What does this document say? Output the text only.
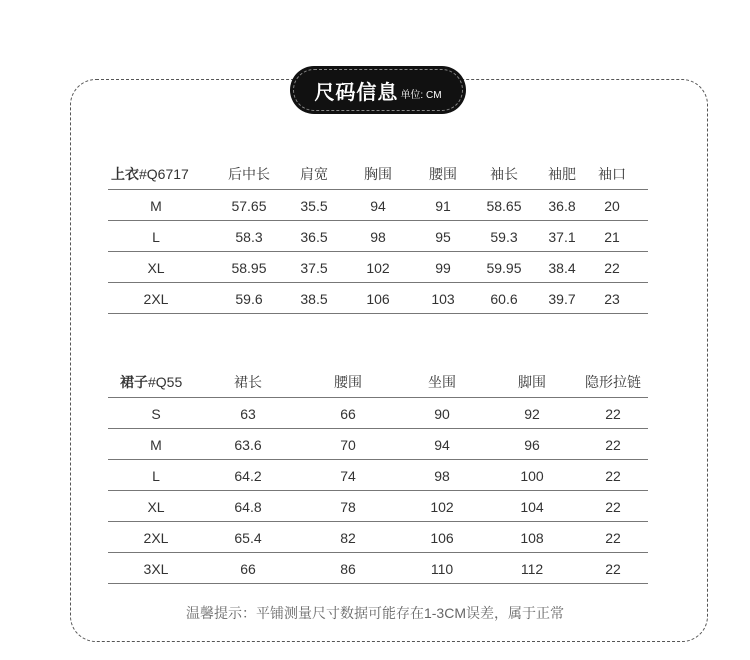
尺码信息 单位: CM
上衣#Q6717	后中长	肩宽	胸围	腰围	袖长	袖肥	袖口
M	57.65	35.5	94	91	58.65	36.8	20
L	58.3	36.5	98	95	59.3	37.1	21
XL	58.95	37.5	102	99	59.95	38.4	22
2XL	59.6	38.5	106	103	60.6	39.7	23
裙子#Q55	裙长	腰围	坐围	脚围	隐形拉链
S	63	66	90	92	22
M	63.6	70	94	96	22
L	64.2	74	98	100	22
XL	64.8	78	102	104	22
2XL	65.4	82	106	108	22
3XL	66	86	110	112	22
温馨提示：平铺测量尺寸数据可能存在1-3CM误差，属于正常
